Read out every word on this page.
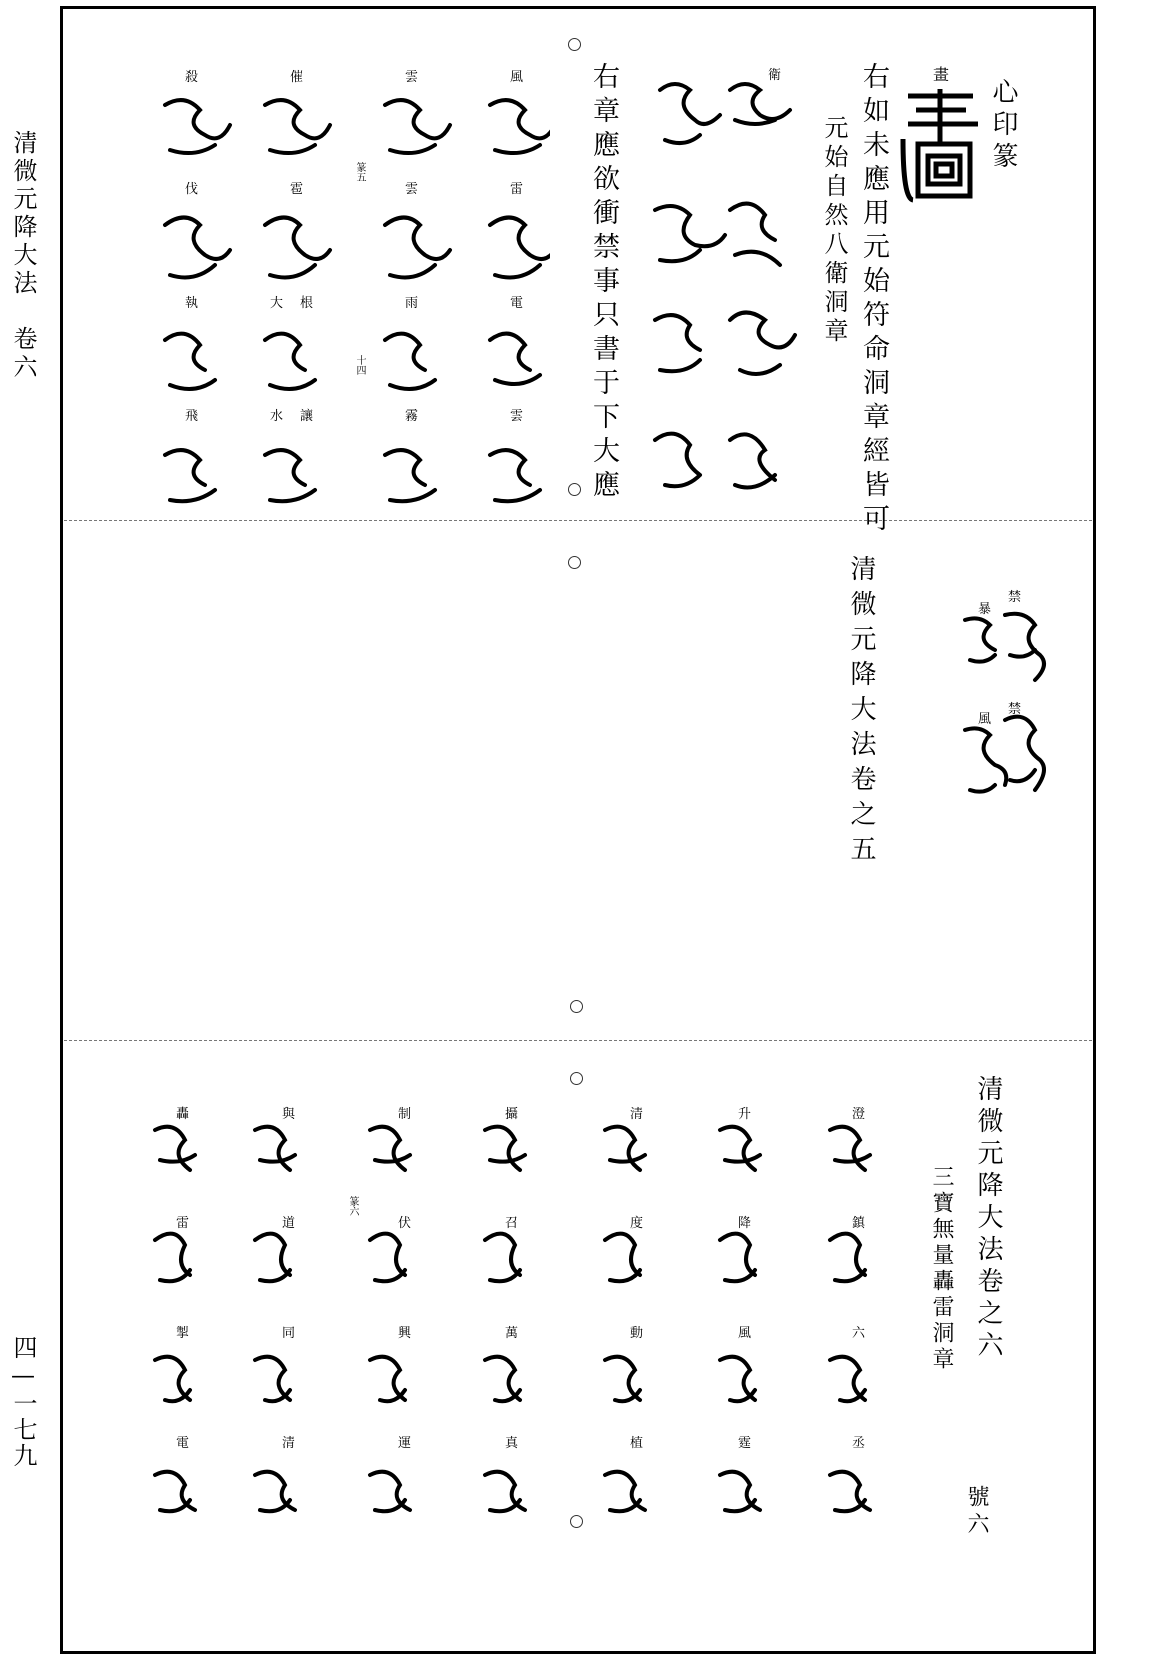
清微元降大法　卷六
四—一七九
心印篆
畫
右如未應用元始符命洞章經皆可
元始自然八衛洞章
右章應欲衝禁事只書于下大應
篆五
十四
衛
風
雲
雷
電
雲
雲
雨
霧
催
雹
根
大
水 讓
殺
伐
執
飛
清微元降大法卷之五	禁
暴
禁
風
清微元降大法卷之六
三寶無量轟雷洞章
號六
篆六
澄
鎮
六
丞
升
降
風
霆
清
度
動
植
攝
召
萬
真
制
伏
興
運
與
道
同
清
轟
雷
掣
電
